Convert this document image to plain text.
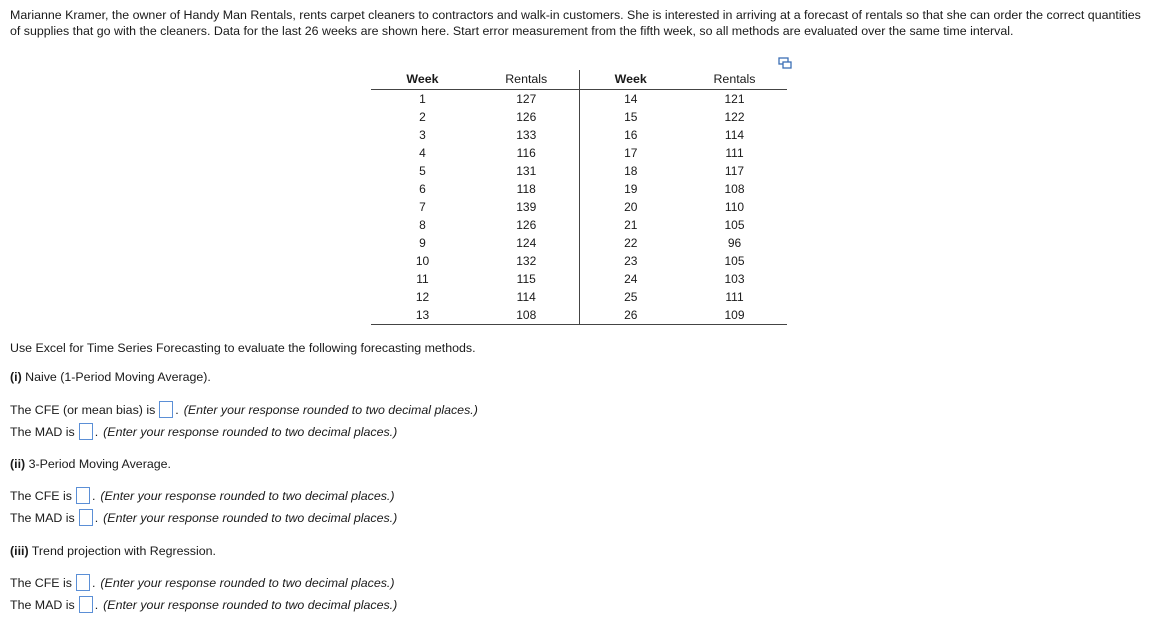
Marianne Kramer, the owner of Handy Man Rentals, rents carpet cleaners to contractors and walk-in customers. She is interested in arriving at a forecast of rentals so that she can order the correct quantities of supplies that go with the cleaners. Data for the last 26 weeks are shown here. Start error measurement from the fifth week, so all methods are evaluated over the same time interval.

Week	Rentals	Week	Rentals
1	127	14	121
2	126	15	122
3	133	16	114
4	116	17	111
5	131	18	117
6	118	19	108
7	139	20	110
8	126	21	105
9	124	22	96
10	132	23	105
11	115	24	103
12	114	25	111
13	108	26	109
Use Excel for Time Series Forecasting to evaluate the following forecasting methods.
(i) Naive (1-Period Moving Average).
The CFE (or mean bias) is . (Enter your response rounded to two decimal places.)
The MAD is . (Enter your response rounded to two decimal places.)
(ii) 3-Period Moving Average.
The CFE is . (Enter your response rounded to two decimal places.)
The MAD is . (Enter your response rounded to two decimal places.)
(iii) Trend projection with Regression.
The CFE is . (Enter your response rounded to two decimal places.)
The MAD is . (Enter your response rounded to two decimal places.)
